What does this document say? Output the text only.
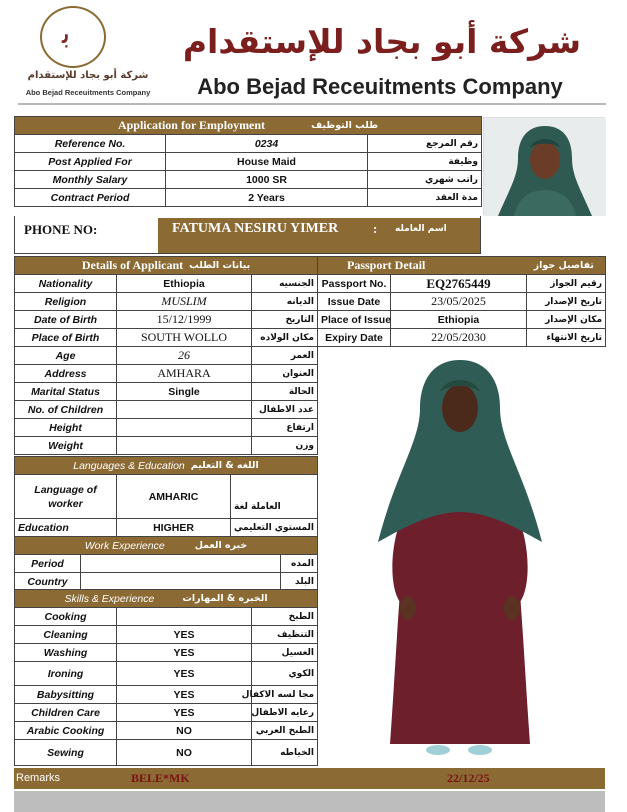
ﺑ
شركة أبو بجاد للإستقدام
Abo Bejad Receuitments Company
شركة أبو بجاد للإستقدام
Abo Bejad Receuitments Company
Application for Employment طلب التوظيف		

Reference No.	0234	رقم المرجع
Post Applied For	House Maid	وظيفة
Monthly Salary	1000 SR	راتب شهري
Contract Period	2 Years	مدة العقد
PHONE NO:	FATUMA NESIRU YIMER	: اسم العامله
Details of Applicant بيانات الطلب		

Nationality	Ethiopia	الجنسيه
Religion	MUSLIM	الديانه
Date of Birth	15/12/1999	التاريخ
Place of Birth	SOUTH WOLLO	مكان الولاده
Age	26	العمر
Address	AMHARA	العنوان
Marital Status	Single	الحالة
No. of Children		عدد الاطفال
Height		ارتفاع
Weight		وزن
Passport Detail تفاصيل جواز		

Passport No.	EQ2765449	رقيم الجواز
Issue Date	23/05/2025	تاريخ الإصدار
Place of Issue	Ethiopia	مكان الإصدار
Expiry Date	22/05/2030	تاريخ الانتهاء
Languages & Education اللغه & التعليم		

Language of worker	AMHARIC	العاملة لغة
Education	HIGHER	المستوي التعليمي
Work Experience خبره العمل		

Period		المده
Country		البلد
Skills & Experience الخبره & المهارات		

Cooking		الطبخ
Cleaning	YES	التنظيف
Washing	YES	الغسيل
Ironing	YES	الكوي
Babysitting	YES	مجا لسه الاكفال
Children Care	YES	رعايه الاطفال
Arabic Cooking	NO	الطبخ العربي
Sewing	NO	الخياطه
Remarks	BELE*MK	22/12/25
